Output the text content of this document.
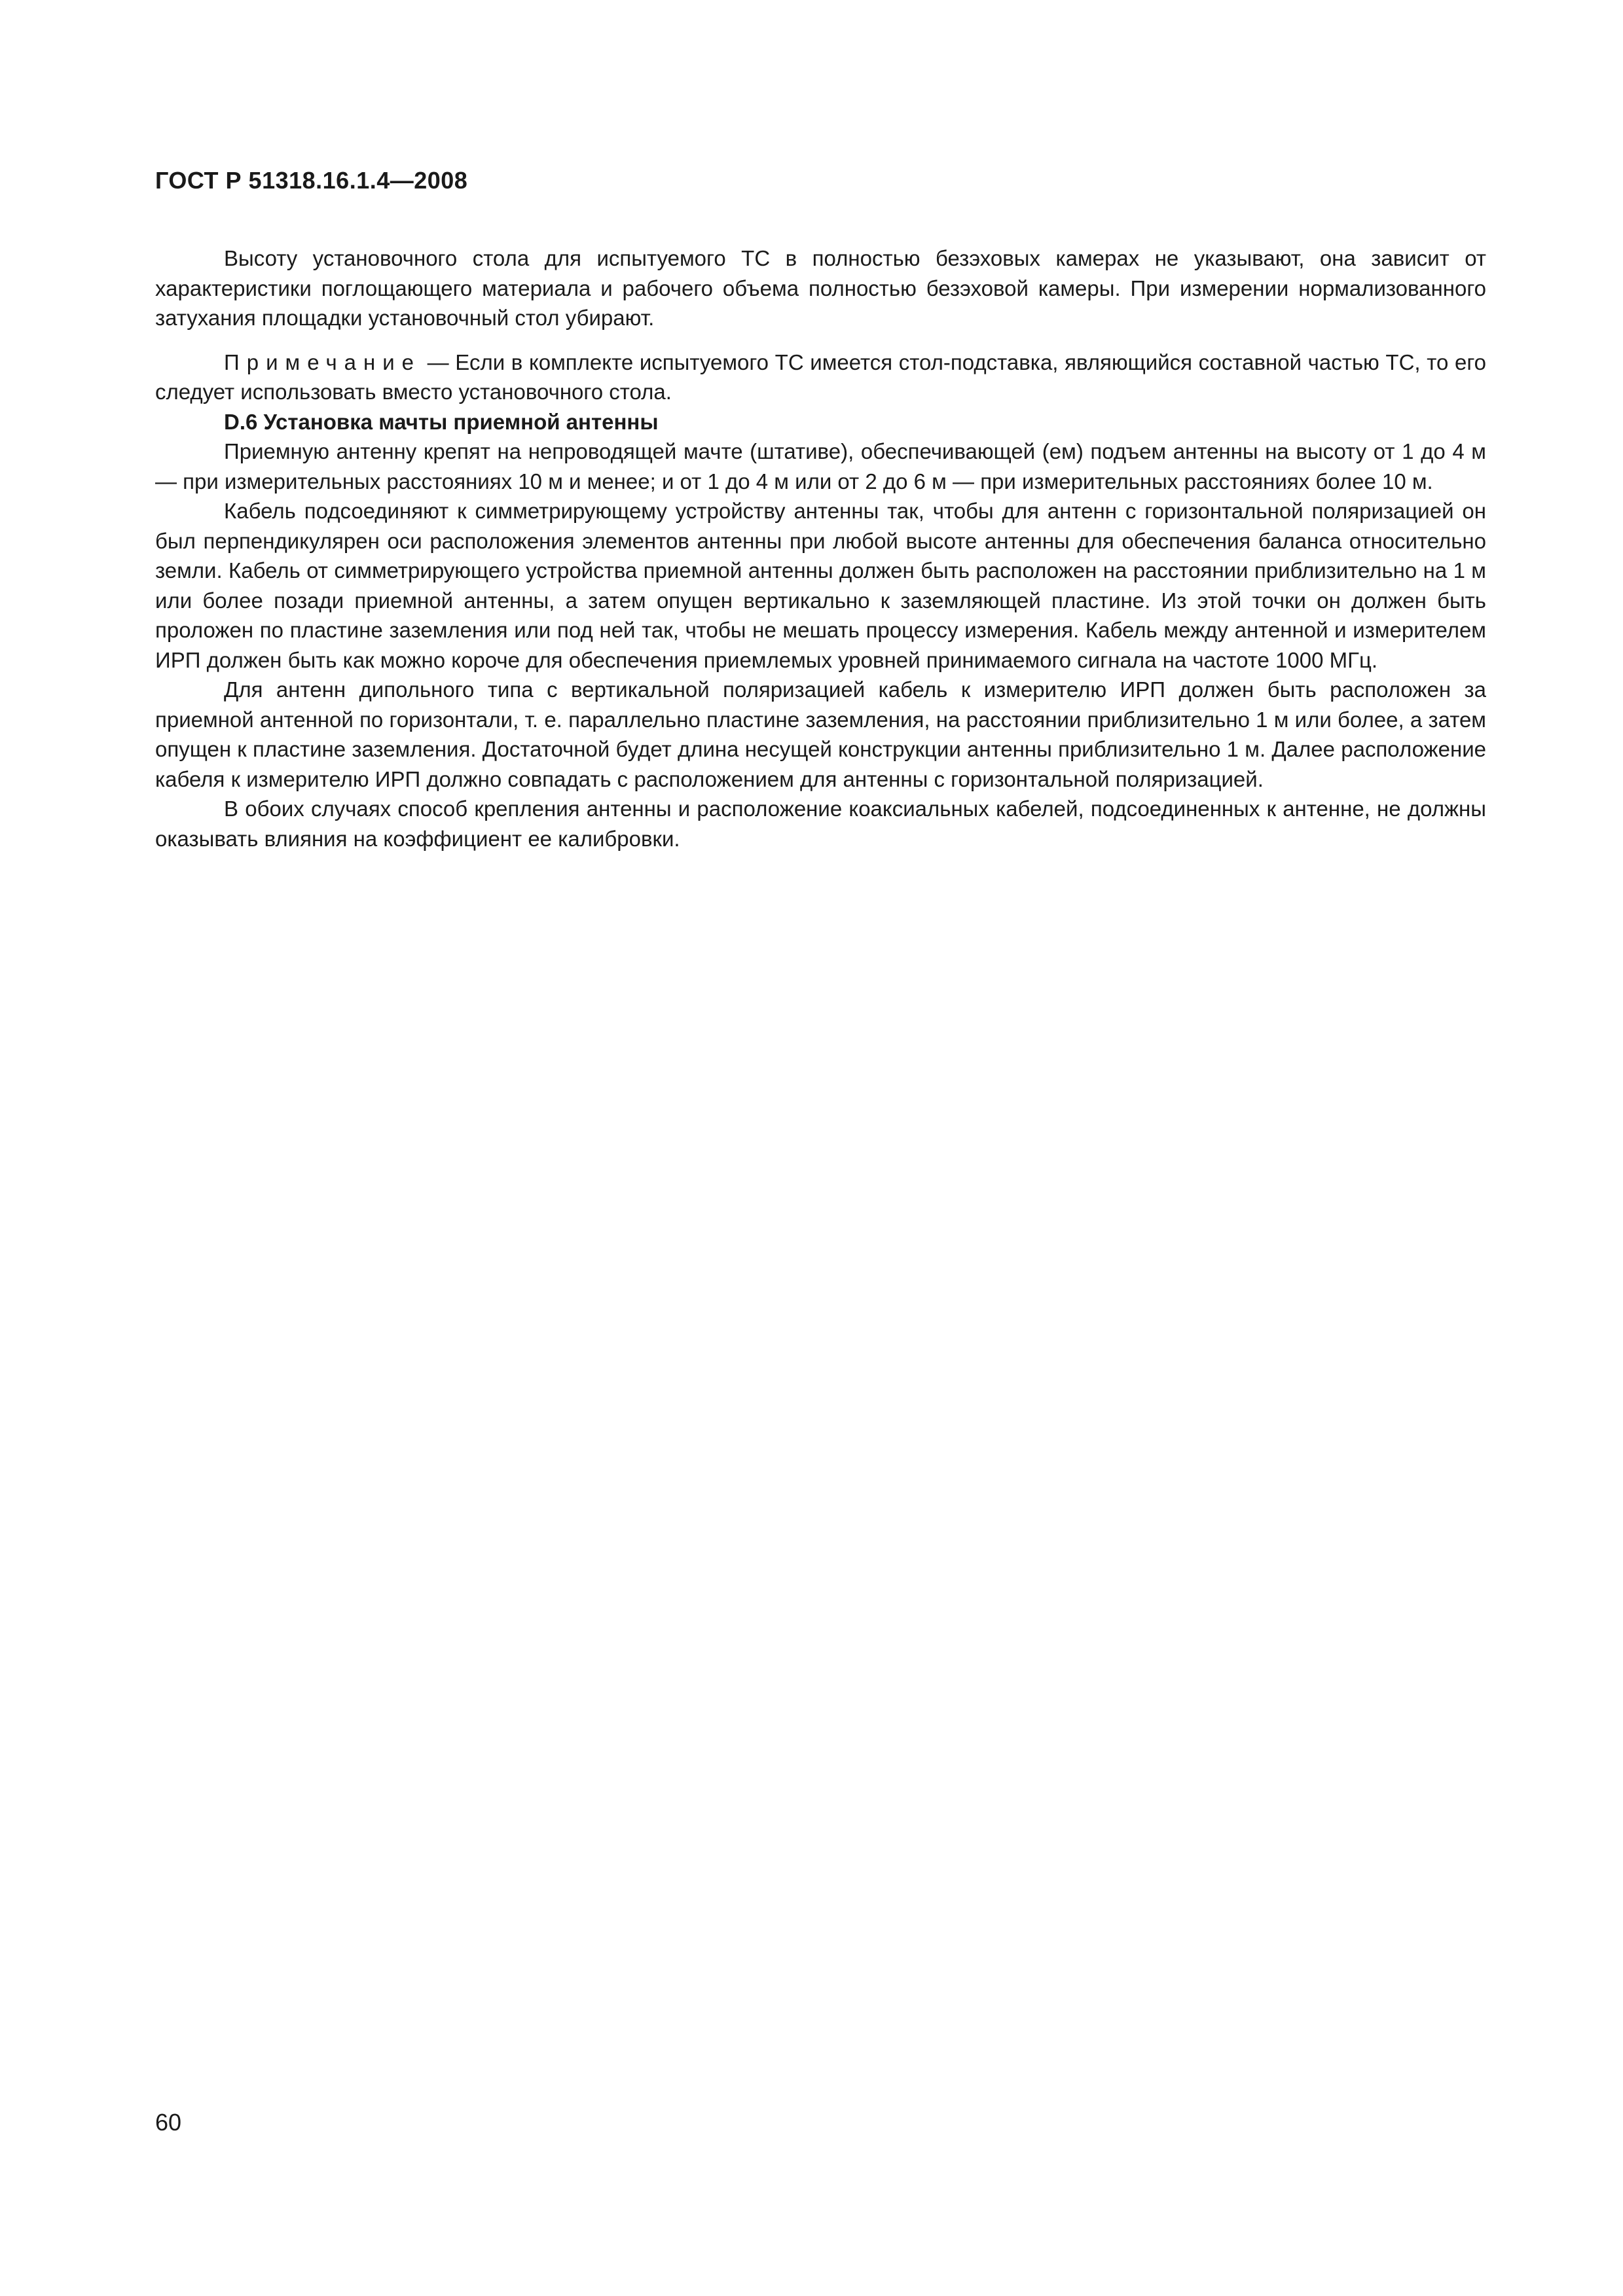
ГОСТ Р 51318.16.1.4—2008

Высоту установочного стола для испытуемого ТС в полностью безэховых камерах не указывают, она зависит от характеристики поглощающего материала и рабочего объема полностью безэховой камеры. При измерении нормализованного затухания площадки установочный стол убирают.

Примечание — Если в комплекте испытуемого ТС имеется стол-подставка, являющийся составной частью ТС, то его следует использовать вместо установочного стола.

D.6 Установка мачты приемной антенны

Приемную антенну крепят на непроводящей мачте (штативе), обеспечивающей (ем) подъем антенны на высоту от 1 до 4 м — при измерительных расстояниях 10 м и менее; и от 1 до 4 м или от 2 до 6 м — при измерительных расстояниях более 10 м.

Кабель подсоединяют к симметрирующему устройству антенны так, чтобы для антенн с горизонтальной поляризацией он был перпендикулярен оси расположения элементов антенны при любой высоте антенны для обеспечения баланса относительно земли. Кабель от симметрирующего устройства приемной антенны должен быть расположен на расстоянии приблизительно на 1 м или более позади приемной антенны, а затем опущен вертикально к заземляющей пластине. Из этой точки он должен быть проложен по пластине заземления или под ней так, чтобы не мешать процессу измерения. Кабель между антенной и измерителем ИРП должен быть как можно короче для обеспечения приемлемых уровней принимаемого сигнала на частоте 1000 МГц.

Для антенн дипольного типа с вертикальной поляризацией кабель к измерителю ИРП должен быть расположен за приемной антенной по горизонтали, т. е. параллельно пластине заземления, на расстоянии приблизительно 1 м или более, а затем опущен к пластине заземления. Достаточной будет длина несущей конструкции антенны приблизительно 1 м. Далее расположение кабеля к измерителю ИРП должно совпадать с расположением для антенны с горизонтальной поляризацией.

В обоих случаях способ крепления антенны и расположение коаксиальных кабелей, подсоединенных к антенне, не должны оказывать влияния на коэффициент ее калибровки.

60
